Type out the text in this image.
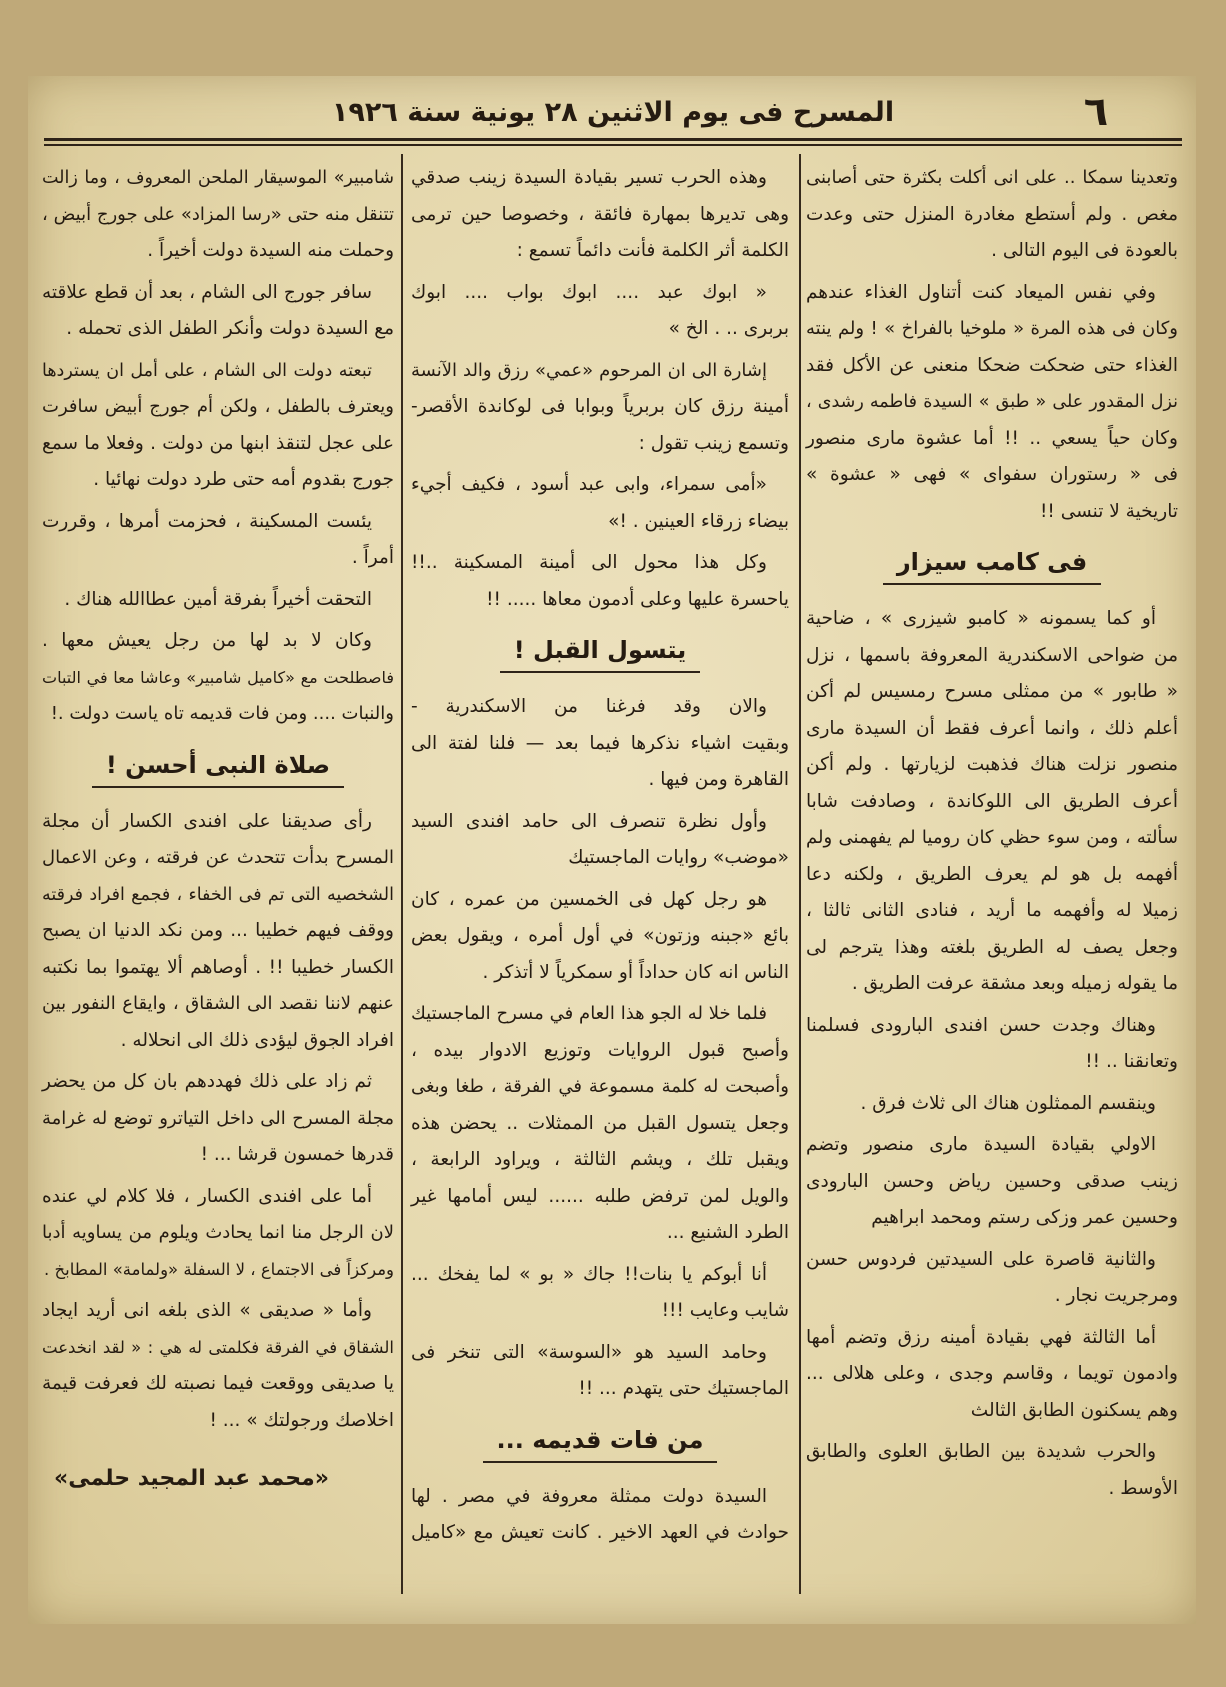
٦
المسرح فى يوم الاثنين ٢٨ يونية سنة ١٩٢٦
وتعدينا سمكا .. على انى أكلت بكثرة حتى أصابنى
مغص . ولم أستطع مغادرة المنزل حتى وعدت
بالعودة فى اليوم التالى .
وفي نفس الميعاد كنت أتناول الغذاء عندهم
وكان فى هذه المرة « ملوخيا بالفراخ » ! ولم ينته
الغذاء حتى ضحكت ضحكا منعنى عن الأكل فقد
نزل المقدور على « طبق » السيدة فاطمه رشدى ،
وكان حياً يسعي .. !! أما عشوة مارى منصور
فى « رستوران سفواى » فهى « عشوة »
تاريخية لا تنسى !!
فى كامب سيزار
أو كما يسمونه « كامبو شيزرى » ، ضاحية
من ضواحى الاسكندرية المعروفة باسمها ، نزل
« طابور » من ممثلى مسرح رمسيس لم أكن
أعلم ذلك ، وانما أعرف فقط أن السيدة مارى
منصور نزلت هناك فذهبت لزيارتها . ولم أكن
أعرف الطريق الى اللوكاندة ، وصادفت شابا
سألته ، ومن سوء حظي كان روميا لم يفهمنى ولم
أفهمه بل هو لم يعرف الطريق ، ولكنه دعا
زميلا له وأفهمه ما أريد ، فنادى الثانى ثالثا ،
وجعل يصف له الطريق بلغته وهذا يترجم لى
ما يقوله زميله وبعد مشقة عرفت الطريق .
وهناك وجدت حسن افندى البارودى فسلمنا
وتعانقنا .. !!
وينقسم الممثلون هناك الى ثلاث فرق .
الاولي بقيادة السيدة مارى منصور وتضم
زينب صدقى وحسين رياض وحسن البارودى
وحسين عمر وزكى رستم ومحمد ابراهيم
والثانية قاصرة على السيدتين فردوس حسن
ومرجريت نجار .
أما الثالثة فهي بقيادة أمينه رزق وتضم أمها
وادمون تويما ، وقاسم وجدى ، وعلى هلالى ...
وهم يسكنون الطابق الثالث
والحرب شديدة بين الطابق العلوى والطابق
الأوسط .
وهذه الحرب تسير بقيادة السيدة زينب صدقي
وهى تديرها بمهارة فائقة ، وخصوصا حين ترمى
الكلمة أثر الكلمة فأنت دائماً تسمع :
« ابوك عبد .... ابوك بواب .... ابوك
بربرى .. . الخ »
إشارة الى ان المرحوم «عمي» رزق والد الآنسة
أمينة رزق كان بربرياً وبوابا فى لوكاندة الأقصر-
وتسمع زينب تقول :
«أمى سمراء، وابى عبد أسود ، فكيف أجيء
بيضاء زرقاء العينين . !»
وكل هذا محول الى أمينة المسكينة ..!!
ياحسرة عليها وعلى أدمون معاها ..... !!
يتسول القبل !
والان وقد فرغنا من الاسكندرية -
وبقيت اشياء نذكرها فيما بعد — فلنا لفتة الى
القاهرة ومن فيها .
وأول نظرة تنصرف الى حامد افندى السيد
«موضب» روايات الماجستيك
هو رجل كهل فى الخمسين من عمره ، كان
بائع «جبنه وزتون» في أول أمره ، ويقول بعض
الناس انه كان حداداً أو سمكرياً لا أتذكر .
فلما خلا له الجو هذا العام في مسرح الماجستيك
وأصبح قبول الروايات وتوزيع الادوار بيده ،
وأصبحت له كلمة مسموعة في الفرقة ، طغا وبغى
وجعل يتسول القبل من الممثلات .. يحضن هذه
ويقبل تلك ، ويشم الثالثة ، ويراود الرابعة ،
والويل لمن ترفض طلبه ...... ليس أمامها غير
الطرد الشنيع ...
أنا أبوكم يا بنات!! جاك « بو » لما يفخك ...
شايب وعايب !!!
وحامد السيد هو «السوسة» التى تنخر فى
الماجستيك حتى يتهدم ... !!
من فات قديمه ...
السيدة دولت ممثلة معروفة في مصر . لها
حوادث في العهد الاخير . كانت تعيش مع «كاميل
شامبير» الموسيقار الملحن المعروف ، وما زالت
تتنقل منه حتى «رسا المزاد» على جورج أبيض ،
وحملت منه السيدة دولت أخيراً .
سافر جورج الى الشام ، بعد أن قطع علاقته
مع السيدة دولت وأنكر الطفل الذى تحمله .
تبعته دولت الى الشام ، على أمل ان يستردها
ويعترف بالطفل ، ولكن أم جورج أبيض سافرت
على عجل لتنقذ ابنها من دولت . وفعلا ما سمع
جورج بقدوم أمه حتى طرد دولت نهائيا .
يئست المسكينة ، فحزمت أمرها ، وقررت
أمراً .
التحقت أخيراً بفرقة أمين عطاالله هناك .
وكان لا بد لها من رجل يعيش معها .
فاصطلحت مع «كاميل شامبير» وعاشا معا في التبات
والنبات .... ومن فات قديمه تاه ياست دولت .!
صلاة النبى أحسن !
رأى صديقنا على افندى الكسار أن مجلة
المسرح بدأت تتحدث عن فرقته ، وعن الاعمال
الشخصيه التى تم فى الخفاء ، فجمع افراد فرقته
ووقف فيهم خطيبا ... ومن نكد الدنيا ان يصبح
الكسار خطيبا !! . أوصاهم ألا يهتموا بما نكتبه
عنهم لاننا نقصد الى الشقاق ، وايقاع النفور بين
افراد الجوق ليؤدى ذلك الى انحلاله .
ثم زاد على ذلك فهددهم بان كل من يحضر
مجلة المسرح الى داخل التياترو توضع له غرامة
قدرها خمسون قرشا ... !
أما على افندى الكسار ، فلا كلام لي عنده
لان الرجل منا انما يحادث ويلوم من يساويه أدبا
ومركزاً فى الاجتماع ، لا السفلة «ولمامة» المطابخ .
وأما « صديقى » الذى بلغه انى أريد ايجاد
الشقاق في الفرقة فكلمتى له هي : « لقد انخدعت
يا صديقى ووقعت فيما نصبته لك فعرفت قيمة
اخلاصك ورجولتك » ... !
«محمد عبد المجيد حلمى»
